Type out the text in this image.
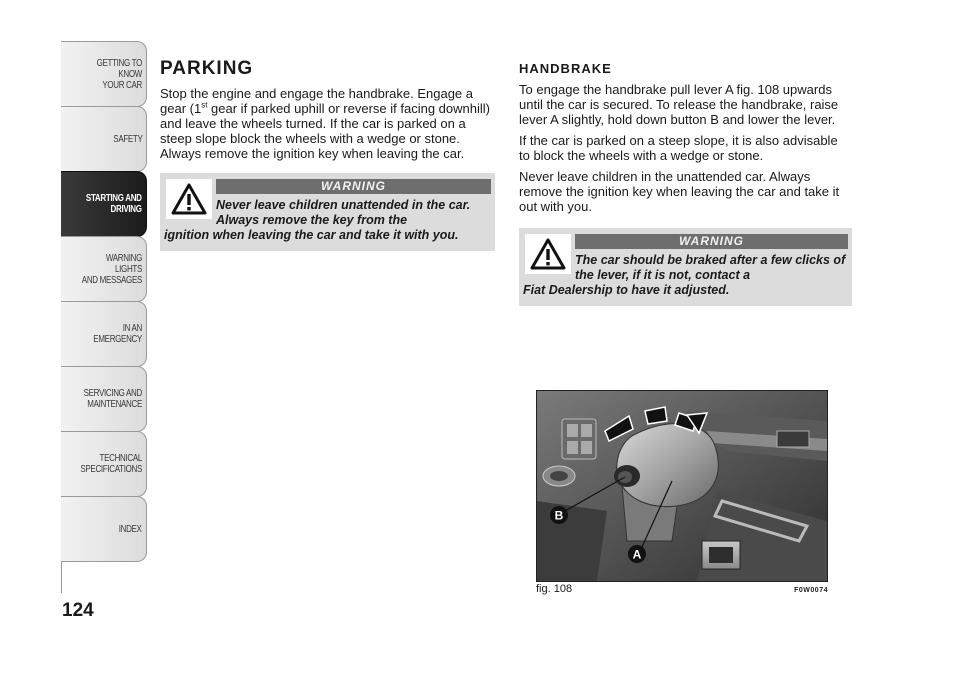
GETTING TO KNOW
YOUR CAR
SAFETY
STARTING AND
DRIVING
WARNING LIGHTS
AND MESSAGES
IN AN EMERGENCY
SERVICING AND
MAINTENANCE
TECHNICAL
SPECIFICATIONS
INDEX
124
PARKING

Stop the engine and engage the handbrake. Engage a gear (1st gear if parked uphill or reverse if facing downhill) and leave the wheels turned. If the car is parked on a steep slope block the wheels with a wedge or stone. Always remove the ignition key when leaving the car.

WARNING
Never leave children unattended in the car. Always remove the key from the
ignition when leaving the car and take it with you.
HANDBRAKE

To engage the handbrake pull lever A fig. 108 upwards until the car is secured. To release the handbrake, raise lever A slightly, hold down button B and lower the lever.

If the car is parked on a steep slope, it is also advisable to block the wheels with a wedge or stone.

Never leave children in the unattended car. Always remove the ignition key when leaving the car and take it out with you.

WARNING
The car should be braked after a few clicks of the lever, if it is not, contact a
Fiat Dealership to have it adjusted.
B
A
fig. 108	F0W0074
